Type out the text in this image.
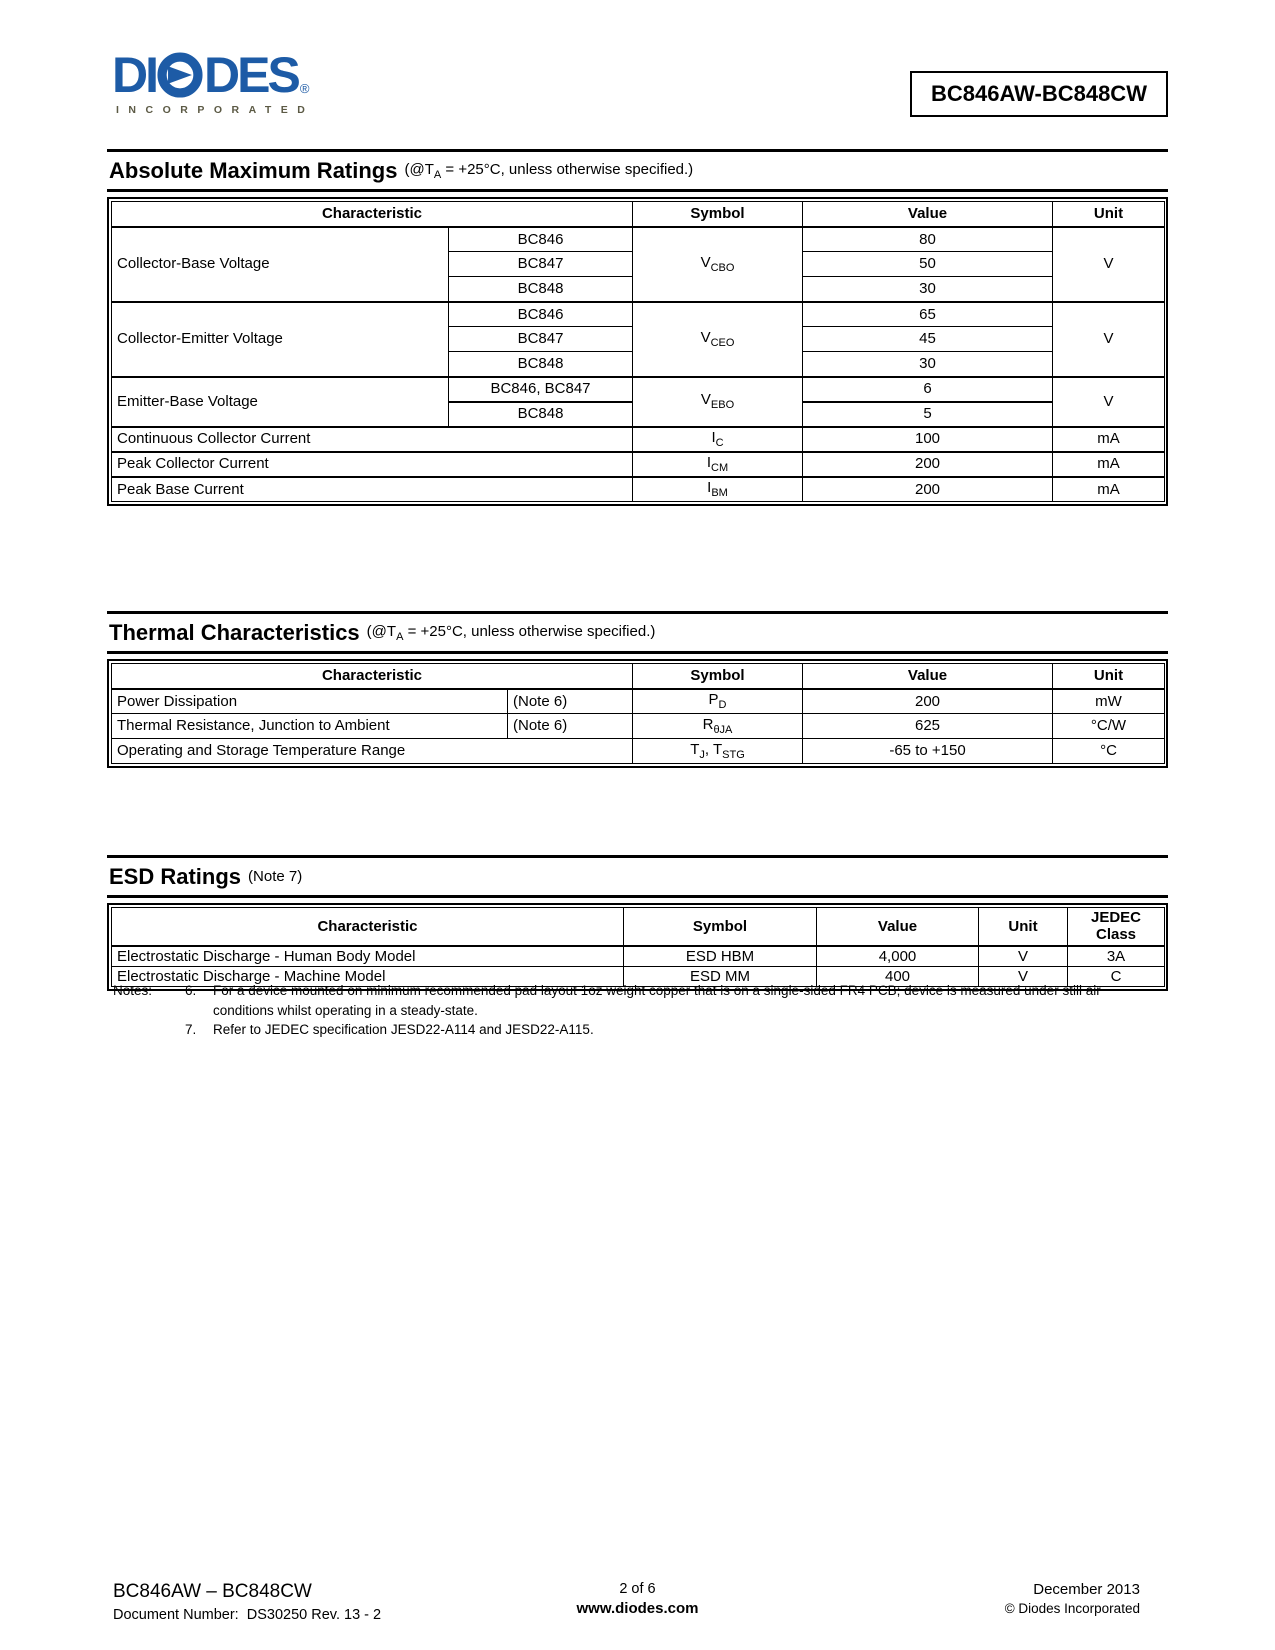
DI DES ®
INCORPORATED
BC846AW-BC848CW
Absolute Maximum Ratings ($@T_A = +25^\circ C$, unless otherwise specified.)
Characteristic		Symbol	Value	Unit
Collector-Base Voltage	BC846	$V_{CBO}$	80	V
	BC847		50	
	BC848		30	
Collector-Emitter Voltage	BC846	$V_{CEO}$	65	V
	BC847		45	
	BC848		30	
Emitter-Base Voltage	BC846, BC847	$V_{EBO}$	6	V
	BC848		5	
Continuous Collector Current		$I_C$	100	mA
Peak Collector Current		$I_{CM}$	200	mA
Peak Base Current		$I_{BM}$	200	mA
Thermal Characteristics ($@T_A = +25^\circ C$, unless otherwise specified.)
Characteristic		Symbol	Value	Unit
Power Dissipation	(Note 6)	$P_D$	200	mW
Thermal Resistance, Junction to Ambient	(Note 6)	$R_{\theta JA}$	625	°C/W
Operating and Storage Temperature Range		$T_J$, $T_{STG}$	-65 to +150	°C
ESD Ratings (Note 7)
Characteristic	Symbol	Value	Unit	JEDEC Class
Electrostatic Discharge - Human Body Model	ESD HBM	4,000	V	3A
Electrostatic Discharge - Machine Model	ESD MM	400	V	C
Notes:	6.	For a device mounted on minimum recommended pad layout 1oz weight copper that is on a single-sided FR4 PCB; device is measured under still air conditions whilst operating in a steady-state.
7.	Refer to JEDEC specification JESD22-A114 and JESD22-A115.
BC846AW – BC848CW
Document Number:  DS30250 Rev. 13 - 2
2 of 6
www.diodes.com
December 2013
© Diodes Incorporated
